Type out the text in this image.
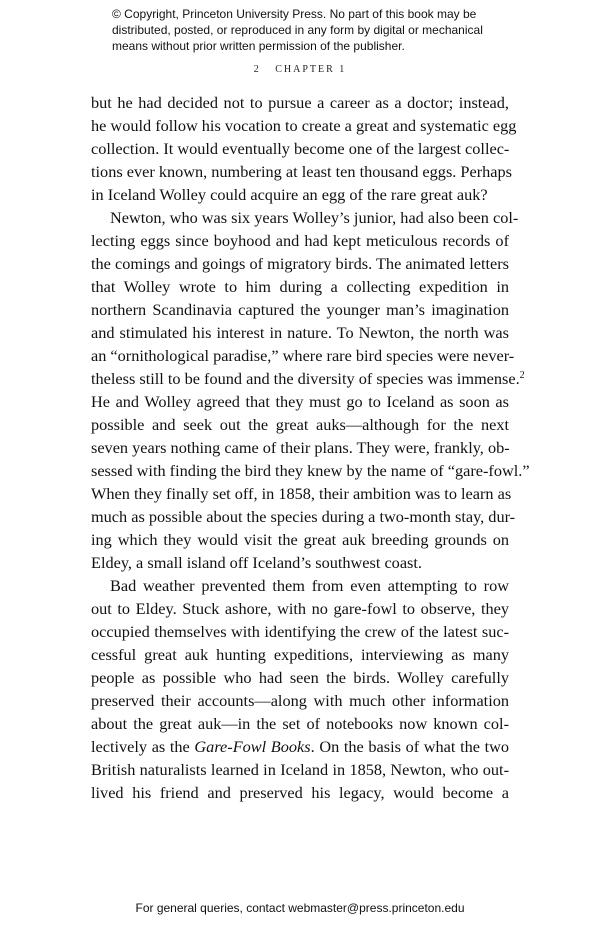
© Copyright, Princeton University Press. No part of this book may be
distributed, posted, or reproduced in any form by digital or mechanical
means without prior written permission of the publisher.
2 CHAPTER 1
but he had decided not to pursue a career as a doctor; instead,
he would follow his vocation to create a great and systematic egg
collection. It would eventually become one of the largest collec-
tions ever known, numbering at least ten thousand eggs. Perhaps
in Iceland Wolley could acquire an egg of the rare great auk?
Newton, who was six years Wolley’s junior, had also been col-
lecting eggs since boyhood and had kept meticulous records of
the comings and goings of migratory birds. The animated letters
that Wolley wrote to him during a collecting expedition in
northern Scandinavia captured the younger man’s imagination
and stimulated his interest in nature. To Newton, the north was
an “ornithological paradise,” where rare bird species were never-
theless still to be found and the diversity of species was immense.$^2$
He and Wolley agreed that they must go to Iceland as soon as
possible and seek out the great auks—although for the next
seven years nothing came of their plans. They were, frankly, ob-
sessed with finding the bird they knew by the name of “gare-fowl.”
When they finally set off, in 1858, their ambition was to learn as
much as possible about the species during a two-month stay, dur-
ing which they would visit the great auk breeding grounds on
Eldey, a small island off Iceland’s southwest coast.
Bad weather prevented them from even attempting to row
out to Eldey. Stuck ashore, with no gare-fowl to observe, they
occupied themselves with identifying the crew of the latest suc-
cessful great auk hunting expeditions, interviewing as many
people as possible who had seen the birds. Wolley carefully
preserved their accounts—along with much other information
about the great auk—in the set of notebooks now known col-
lectively as the Gare-Fowl Books. On the basis of what the two
British naturalists learned in Iceland in 1858, Newton, who out-
lived his friend and preserved his legacy, would become a
For general queries, contact webmaster@press.princeton.edu
